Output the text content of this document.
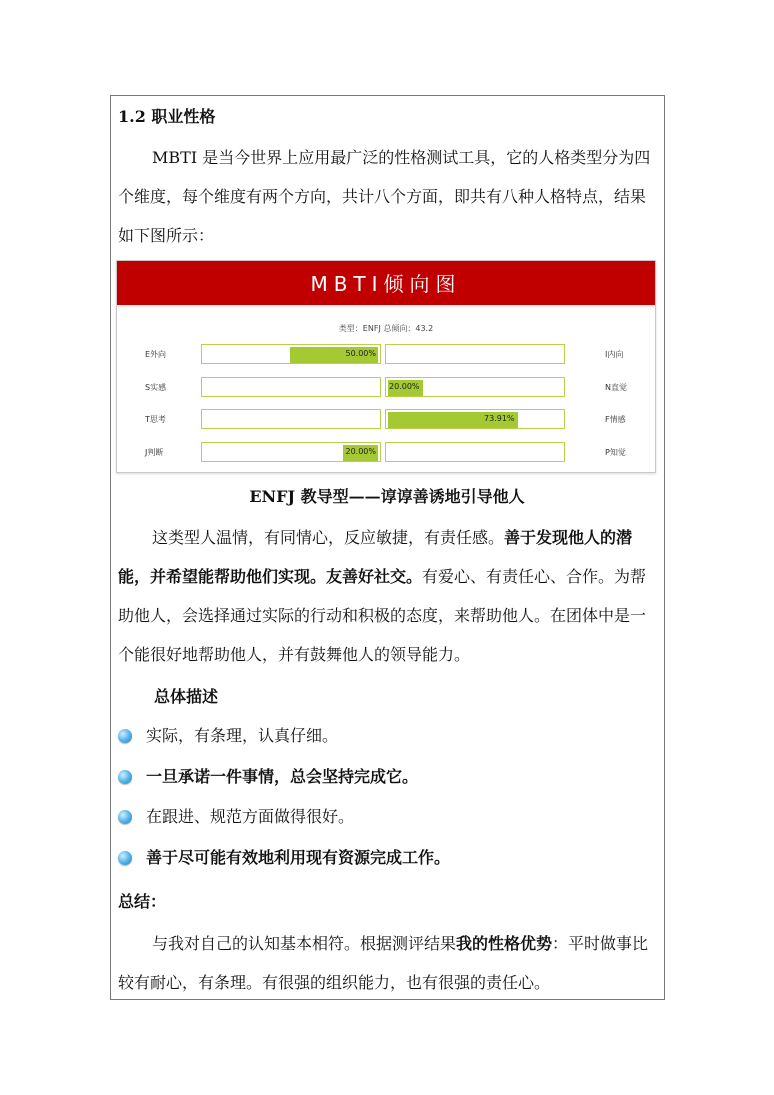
1.2 职业性格
MBTI 是当今世界上应用最广泛的性格测试工具，它的人格类型分为四个维度，每个维度有两个方向，共计八个方面，即共有八种人格特点，结果如下图所示：
MBTI倾向图
类型：ENFJ 总倾向：43.2
E外向	I内向
50.00%
S实感	N直觉
20.00%
T思考	F情感
73.91%
J判断	P知觉
20.00%
ENFJ 教导型——谆谆善诱地引导他人
这类型人温情，有同情心，反应敏捷，有责任感。善于发现他人的潜能，并希望能帮助他们实现。友善好社交。有爱心、有责任心、合作。为帮助他人，会选择通过实际的行动和积极的态度，来帮助他人。在团体中是一个能很好地帮助他人，并有鼓舞他人的领导能力。
总体描述
实际，有条理，认真仔细。
一旦承诺一件事情，总会坚持完成它。
在跟进、规范方面做得很好。
善于尽可能有效地利用现有资源完成工作。
总结：
与我对自己的认知基本相符。根据测评结果我的性格优势：平时做事比较有耐心，有条理。有很强的组织能力，也有很强的责任心。
